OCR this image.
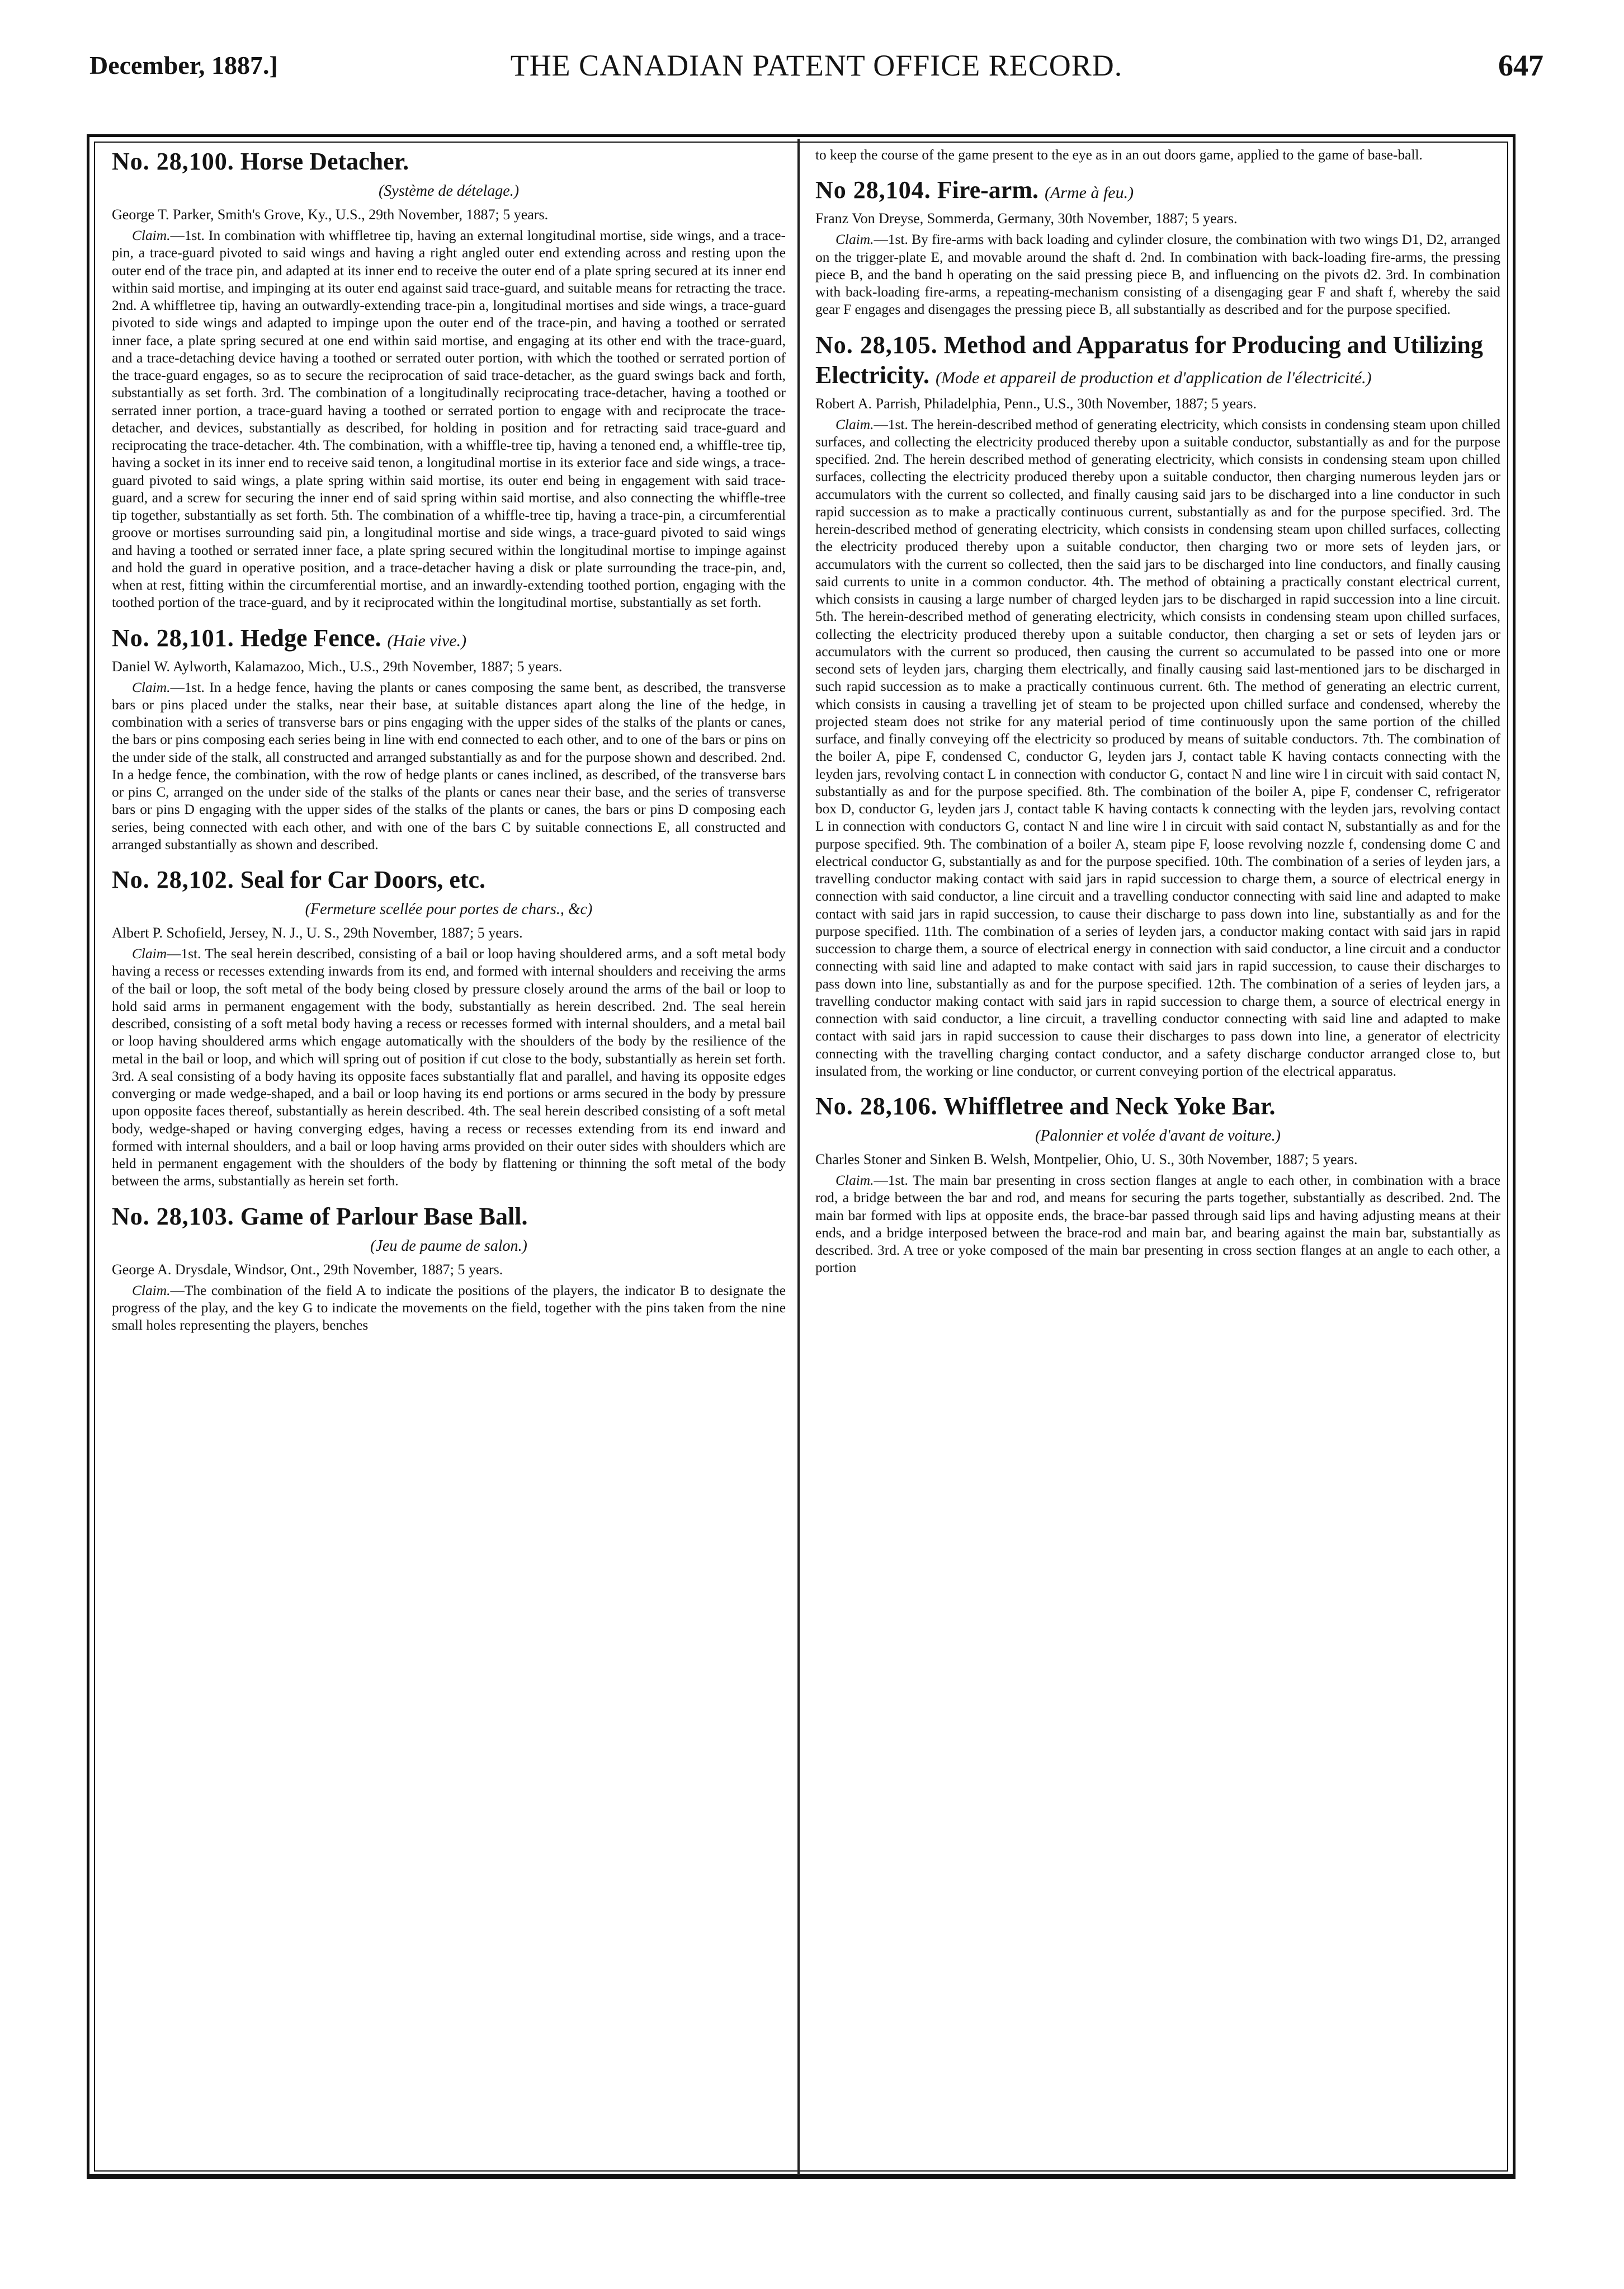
December, 1887.]	THE CANADIAN PATENT OFFICE RECORD.	647
No. 28,100. Horse Detacher.
(Système de dételage.)
George T. Parker, Smith's Grove, Ky., U.S., 29th November, 1887; 5 years.

Claim.—1st. In combination with whiffletree tip, having an external longitudinal mortise, side wings, and a trace-pin, a trace-guard pivoted to said wings and having a right angled outer end extending across and resting upon the outer end of the trace pin, and adapted at its inner end to receive the outer end of a plate spring secured at its inner end within said mortise, and impinging at its outer end against said trace-guard, and suitable means for retracting the trace. 2nd. A whiffletree tip, having an outwardly-extending trace-pin a, longitudinal mortises and side wings, a trace-guard pivoted to side wings and adapted to impinge upon the outer end of the trace-pin, and having a toothed or serrated inner face, a plate spring secured at one end within said mortise, and engaging at its other end with the trace-guard, and a trace-detaching device having a toothed or serrated outer portion, with which the toothed or serrated portion of the trace-guard engages, so as to secure the reciprocation of said trace-detacher, as the guard swings back and forth, substantially as set forth. 3rd. The combination of a longitudinally reciprocating trace-detacher, having a toothed or serrated inner portion, a trace-guard having a toothed or serrated portion to engage with and reciprocate the trace-detacher, and devices, substantially as described, for holding in position and for retracting said trace-guard and reciprocating the trace-detacher. 4th. The combination, with a whiffle-tree tip, having a tenoned end, a whiffle-tree tip, having a socket in its inner end to receive said tenon, a longitudinal mortise in its exterior face and side wings, a trace-guard pivoted to said wings, a plate spring within said mortise, its outer end being in engagement with said trace-guard, and a screw for securing the inner end of said spring within said mortise, and also connecting the whiffle-tree tip together, substantially as set forth. 5th. The combination of a whiffle-tree tip, having a trace-pin, a circumferential groove or mortises surrounding said pin, a longitudinal mortise and side wings, a trace-guard pivoted to said wings and having a toothed or serrated inner face, a plate spring secured within the longitudinal mortise to impinge against and hold the guard in operative position, and a trace-detacher having a disk or plate surrounding the trace-pin, and, when at rest, fitting within the circumferential mortise, and an inwardly-extending toothed portion, engaging with the toothed portion of the trace-guard, and by it reciprocated within the longitudinal mortise, substantially as set forth.

No. 28,101. Hedge Fence. (Haie vive.)
Daniel W. Aylworth, Kalamazoo, Mich., U.S., 29th November, 1887; 5 years.

Claim.—1st. In a hedge fence, having the plants or canes composing the same bent, as described, the transverse bars or pins placed under the stalks, near their base, at suitable distances apart along the line of the hedge, in combination with a series of transverse bars or pins engaging with the upper sides of the stalks of the plants or canes, the bars or pins composing each series being in line with end connected to each other, and to one of the bars or pins on the under side of the stalk, all constructed and arranged substantially as and for the purpose shown and described. 2nd. In a hedge fence, the combination, with the row of hedge plants or canes inclined, as described, of the transverse bars or pins C, arranged on the under side of the stalks of the plants or canes near their base, and the series of transverse bars or pins D engaging with the upper sides of the stalks of the plants or canes, the bars or pins D composing each series, being connected with each other, and with one of the bars C by suitable connections E, all constructed and arranged substantially as shown and described.

No. 28,102. Seal for Car Doors, etc.
(Fermeture scellée pour portes de chars., &c)
Albert P. Schofield, Jersey, N. J., U. S., 29th November, 1887; 5 years.

Claim—1st. The seal herein described, consisting of a bail or loop having shouldered arms, and a soft metal body having a recess or recesses extending inwards from its end, and formed with internal shoulders and receiving the arms of the bail or loop, the soft metal of the body being closed by pressure closely around the arms of the bail or loop to hold said arms in permanent engagement with the body, substantially as herein described. 2nd. The seal herein described, consisting of a soft metal body having a recess or recesses formed with internal shoulders, and a metal bail or loop having shouldered arms which engage automatically with the shoulders of the body by the resilience of the metal in the bail or loop, and which will spring out of position if cut close to the body, substantially as herein set forth. 3rd. A seal consisting of a body having its opposite faces substantially flat and parallel, and having its opposite edges converging or made wedge-shaped, and a bail or loop having its end portions or arms secured in the body by pressure upon opposite faces thereof, substantially as herein described. 4th. The seal herein described consisting of a soft metal body, wedge-shaped or having converging edges, having a recess or recesses extending from its end inward and formed with internal shoulders, and a bail or loop having arms provided on their outer sides with shoulders which are held in permanent engagement with the shoulders of the body by flattening or thinning the soft metal of the body between the arms, substantially as herein set forth.

No. 28,103. Game of Parlour Base Ball.
(Jeu de paume de salon.)
George A. Drysdale, Windsor, Ont., 29th November, 1887; 5 years.

Claim.—The combination of the field A to indicate the positions of the players, the indicator B to designate the progress of the play, and the key G to indicate the movements on the field, together with the pins taken from the nine small holes representing the players, benches

to keep the course of the game present to the eye as in an out doors game, applied to the game of base-ball.

No 28,104. Fire-arm. (Arme à feu.)
Franz Von Dreyse, Sommerda, Germany, 30th November, 1887; 5 years.

Claim.—1st. By fire-arms with back loading and cylinder closure, the combination with two wings D1, D2, arranged on the trigger-plate E, and movable around the shaft d. 2nd. In combination with back-loading fire-arms, the pressing piece B, and the band h operating on the said pressing piece B, and influencing on the pivots d2. 3rd. In combination with back-loading fire-arms, a repeating-mechanism consisting of a disengaging gear F and shaft f, whereby the said gear F engages and disengages the pressing piece B, all substantially as described and for the purpose specified.

No. 28,105. Method and Apparatus for Producing and Utilizing Electricity. (Mode et appareil de production et d'application de l'électricité.)
Robert A. Parrish, Philadelphia, Penn., U.S., 30th November, 1887; 5 years.

Claim.—1st. The herein-described method of generating electricity, which consists in condensing steam upon chilled surfaces, and collecting the electricity produced thereby upon a suitable conductor, substantially as and for the purpose specified. 2nd. The herein described method of generating electricity, which consists in condensing steam upon chilled surfaces, collecting the electricity produced thereby upon a suitable conductor, then charging numerous leyden jars or accumulators with the current so collected, and finally causing said jars to be discharged into a line conductor in such rapid succession as to make a practically continuous current, substantially as and for the purpose specified. 3rd. The herein-described method of generating electricity, which consists in condensing steam upon chilled surfaces, collecting the electricity produced thereby upon a suitable conductor, then charging two or more sets of leyden jars, or accumulators with the current so collected, then the said jars to be discharged into line conductors, and finally causing said currents to unite in a common conductor. 4th. The method of obtaining a practically constant electrical current, which consists in causing a large number of charged leyden jars to be discharged in rapid succession into a line circuit. 5th. The herein-described method of generating electricity, which consists in condensing steam upon chilled surfaces, collecting the electricity produced thereby upon a suitable conductor, then charging a set or sets of leyden jars or accumulators with the current so produced, then causing the current so accumulated to be passed into one or more second sets of leyden jars, charging them electrically, and finally causing said last-mentioned jars to be discharged in such rapid succession as to make a practically continuous current. 6th. The method of generating an electric current, which consists in causing a travelling jet of steam to be projected upon chilled surface and condensed, whereby the projected steam does not strike for any material period of time continuously upon the same portion of the chilled surface, and finally conveying off the electricity so produced by means of suitable conductors. 7th. The combination of the boiler A, pipe F, condensed C, conductor G, leyden jars J, contact table K having contacts connecting with the leyden jars, revolving contact L in connection with conductor G, contact N and line wire l in circuit with said contact N, substantially as and for the purpose specified. 8th. The combination of the boiler A, pipe F, condenser C, refrigerator box D, conductor G, leyden jars J, contact table K having contacts k connecting with the leyden jars, revolving contact L in connection with conductors G, contact N and line wire l in circuit with said contact N, substantially as and for the purpose specified. 9th. The combination of a boiler A, steam pipe F, loose revolving nozzle f, condensing dome C and electrical conductor G, substantially as and for the purpose specified. 10th. The combination of a series of leyden jars, a travelling conductor making contact with said jars in rapid succession to charge them, a source of electrical energy in connection with said conductor, a line circuit and a travelling conductor connecting with said line and adapted to make contact with said jars in rapid succession, to cause their discharge to pass down into line, substantially as and for the purpose specified. 11th. The combination of a series of leyden jars, a conductor making contact with said jars in rapid succession to charge them, a source of electrical energy in connection with said conductor, a line circuit and a conductor connecting with said line and adapted to make contact with said jars in rapid succession, to cause their discharges to pass down into line, substantially as and for the purpose specified. 12th. The combination of a series of leyden jars, a travelling conductor making contact with said jars in rapid succession to charge them, a source of electrical energy in connection with said conductor, a line circuit, a travelling conductor connecting with said line and adapted to make contact with said jars in rapid succession to cause their discharges to pass down into line, a generator of electricity connecting with the travelling charging contact conductor, and a safety discharge conductor arranged close to, but insulated from, the working or line conductor, or current conveying portion of the electrical apparatus.

No. 28,106. Whiffletree and Neck Yoke Bar.
(Palonnier et volée d'avant de voiture.)
Charles Stoner and Sinken B. Welsh, Montpelier, Ohio, U. S., 30th November, 1887; 5 years.

Claim.—1st. The main bar presenting in cross section flanges at angle to each other, in combination with a brace rod, a bridge between the bar and rod, and means for securing the parts together, substantially as described. 2nd. The main bar formed with lips at opposite ends, the brace-bar passed through said lips and having adjusting means at their ends, and a bridge interposed between the brace-rod and main bar, and bearing against the main bar, substantially as described. 3rd. A tree or yoke composed of the main bar presenting in cross section flanges at an angle to each other, a portion
